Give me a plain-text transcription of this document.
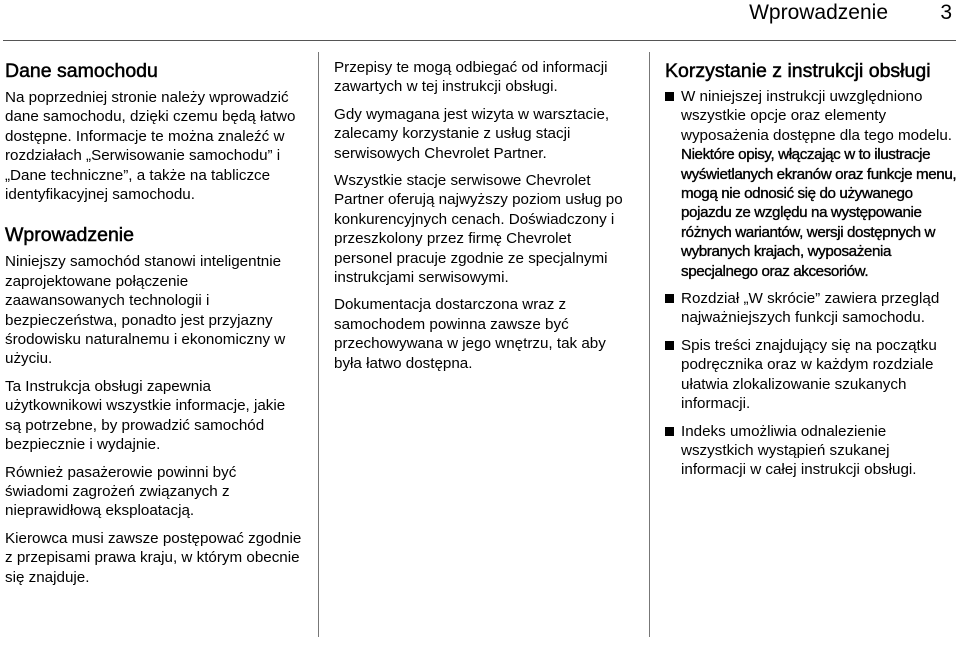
Wprowadzenie 3
Dane samochodu

Na poprzedniej stronie należy wprowadzić dane samochodu, dzięki czemu będą łatwo dostępne. Informacje te można znaleźć w rozdziałach „Serwisowanie samochodu” i „Dane techniczne”, a także na tabliczce identyfikacyjnej samochodu.

Wprowadzenie

Niniejszy samochód stanowi inteligentnie zaprojektowane połączenie zaawansowanych technologii i bezpieczeństwa, ponadto jest przyjazny środowisku naturalnemu i ekonomiczny w użyciu.

Ta Instrukcja obsługi zapewnia użytkownikowi wszystkie informacje, jakie są potrzebne, by prowadzić samochód bezpiecznie i wydajnie.

Również pasażerowie powinni być świadomi zagrożeń związanych z nieprawidłową eksploatacją.

Kierowca musi zawsze postępować zgodnie z przepisami prawa kraju, w którym obecnie się znajduje.

Przepisy te mogą odbiegać od informacji zawartych w tej instrukcji obsługi.

Gdy wymagana jest wizyta w warsztacie, zalecamy korzystanie z usług stacji serwisowych Chevrolet Partner.

Wszystkie stacje serwisowe Chevrolet Partner oferują najwyższy poziom usług po konkurencyjnych cenach. Doświadczony i przeszkolony przez firmę Chevrolet personel pracuje zgodnie ze specjalnymi instrukcjami serwisowymi.

Dokumentacja dostarczona wraz z samochodem powinna zawsze być przechowywana w jego wnętrzu, tak aby była łatwo dostępna.

Korzystanie z instrukcji obsługi
W niniejszej instrukcji uwzględniono wszystkie opcje oraz elementy wyposażenia dostępne dla tego modelu. Niektóre opisy, włączając w to ilustracje wyświetlanych ekranów oraz funkcje menu, mogą nie odnosić się do używanego pojazdu ze względu na występowanie różnych wariantów, wersji dostępnych w wybranych krajach, wyposażenia specjalnego oraz akcesoriów.
Rozdział „W skrócie” zawiera przegląd najważniejszych funkcji samochodu.
Spis treści znajdujący się na początku podręcznika oraz w każdym rozdziale ułatwia zlokalizowanie szukanych informacji.
Indeks umożliwia odnalezienie wszystkich wystąpień szukanej informacji w całej instrukcji obsługi.
